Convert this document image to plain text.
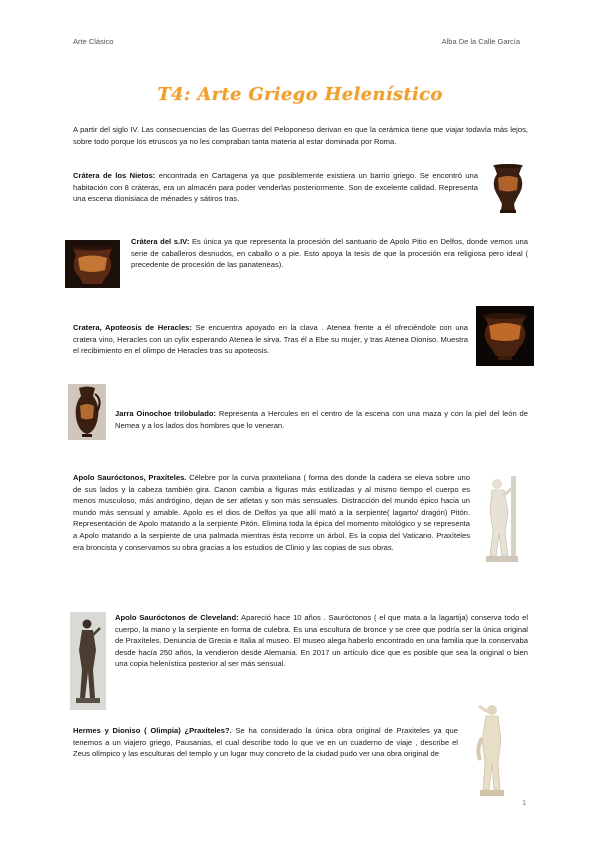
Arte Clásico	Alba De la Calle García
T4: Arte Griego Helenístico
A partir del siglo IV. Las consecuencias de las Guerras del Peloponeso derivan en que la cerámica tiene que viajar todavía más lejos, sobre todo porque los etruscos ya no les compraban tanta materia al estar dominada por Roma.
Crátera de los Nietos: encontrada en Cartagena ya que posiblemente existiera un barrio griego. Se encontró una habitación con 8 cráteras, era un almacén para poder venderlas posteriormente. Son de excelente calidad. Representa una escena dionisiaca de ménades y sátiros tras.
Crátera del s.IV: Es única ya que representa la procesión del santuario de Apolo Pitio en Delfos, donde vemos una serie de caballeros desnudos, en caballo o a pie. Esto apoya la tesis de que la procesión era religiosa pero ideal ( precedente de procesión de las panateneas).
Cratera, Apoteosis de Heracles: Se encuentra apoyado en la clava . Atenea frente a él ofreciéndole con una cratera vino, Heracles con un cylix esperando Atenea le sirva. Tras él a Ebe su mujer, y tras Atenea Dioniso. Muestra el recibimiento en el olimpo de Heracles tras su apoteosis.
Jarra Oinochoe trilobulado: Representa a Hercules en el centro de la escena con una maza y con la piel del león de Nemea y a los lados dos hombres que lo veneran.
Apolo Sauróctonos, Praxíteles. Célebre por la curva praxiteliana ( forma des donde la cadera se eleva sobre uno de sus lados y la cabeza también gira. Canon cambia a figuras más estilizadas y al mismo tiempo el cuerpo es menos musculoso, más andrógino, dejan de ser atletas y son más sensuales. Distracción del mundo épico hacia un mundo más sensual y amable. Apolo es el dios de Delfos ya que allí mató a la serpiente( lagarto/ dragón) Pitón. Representación de Apolo matando a la serpiente Pitón. Elimina toda la épica del momento mitológico y se representa a Apolo matando a la serpiente de una palmada mientras ésta recorre un árbol. Es la copia del Vaticano. Praxíteles era broncista y conservamos su obra gracias a los estudios de Clinio y las copias de sus obras.
Apolo Sauróctonos de Cleveland: Apareció hace 10 años . Sauróctonos ( el que mata a la lagartija) conserva todo el cuerpo, la mano y la serpiente en forma de culebra. Es una escultura de bronce y se cree que podría ser la única original de Praxíteles. Denuncia de Grecia e Italia al museo. El museo alega haberlo encontrado en una familia que la conservaba desde hacía 250 años, la vendieron desde Alemania. En 2017 un artículo dice que es posible que sea la original o bien una copia helenística posterior al ser más sensual.
Hermes y Dioniso ( Olimpia) ¿Praxíteles?. Se ha considerado la única obra original de Praxiteles ya que tenemos a un viajero griego, Pausanias, el cual describe todo lo que ve en un cuaderno de viaje , describe el Zeus olímpico y las esculturas del templo y un lugar muy concreto de la ciudad pudo ver una obra original de
1
